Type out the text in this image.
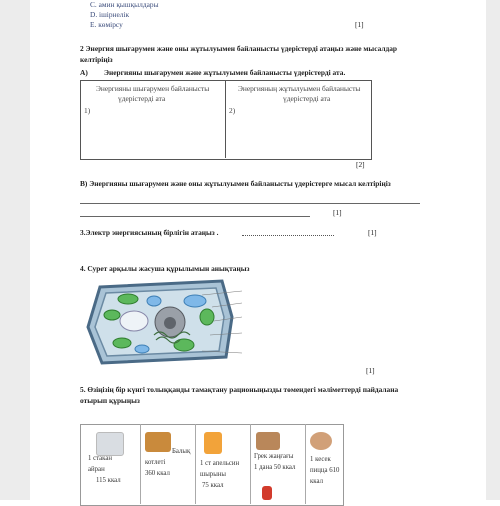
C. амин қышқылдары
D. ішірнелік
E. көмірсу	[1]
2 Энергия шығарумен және оны жұтылуымен байланысты үдерістерді атаңыз және мысалдар
келтіріңіз
A) Энергияны шығарумен және жұтылуымен байланысты үдерістерді ата.
Энергияны шығарумен байланысты
үдерістерді ата
1)
Энергияның жұтылуымен байланысты
үдерістерді ата
2)
[2]
B) Энергияны шығарумен және оны жұтылуымен байланысты үдерістерге мысал келтіріңіз
[1]
3.Электр энергиясының бірлігін атаңыз .	[1]
4. Сурет арқылы жасуша құрылымын анықтаңыз
[1]
5. Өзіңізің бір күнгі толыққанды тамақтану рационыңызды төмендегі мәліметтерді пайдалана
отырып құрыңыз
1 стакан
айран
115 ккал
Балық
котлеті
360 ккал
1 ст апельсин
шырыны
75 ккал
Грек жаңғағы
1 дана 50 ккал
1 кесек
пицца 610
ккал
